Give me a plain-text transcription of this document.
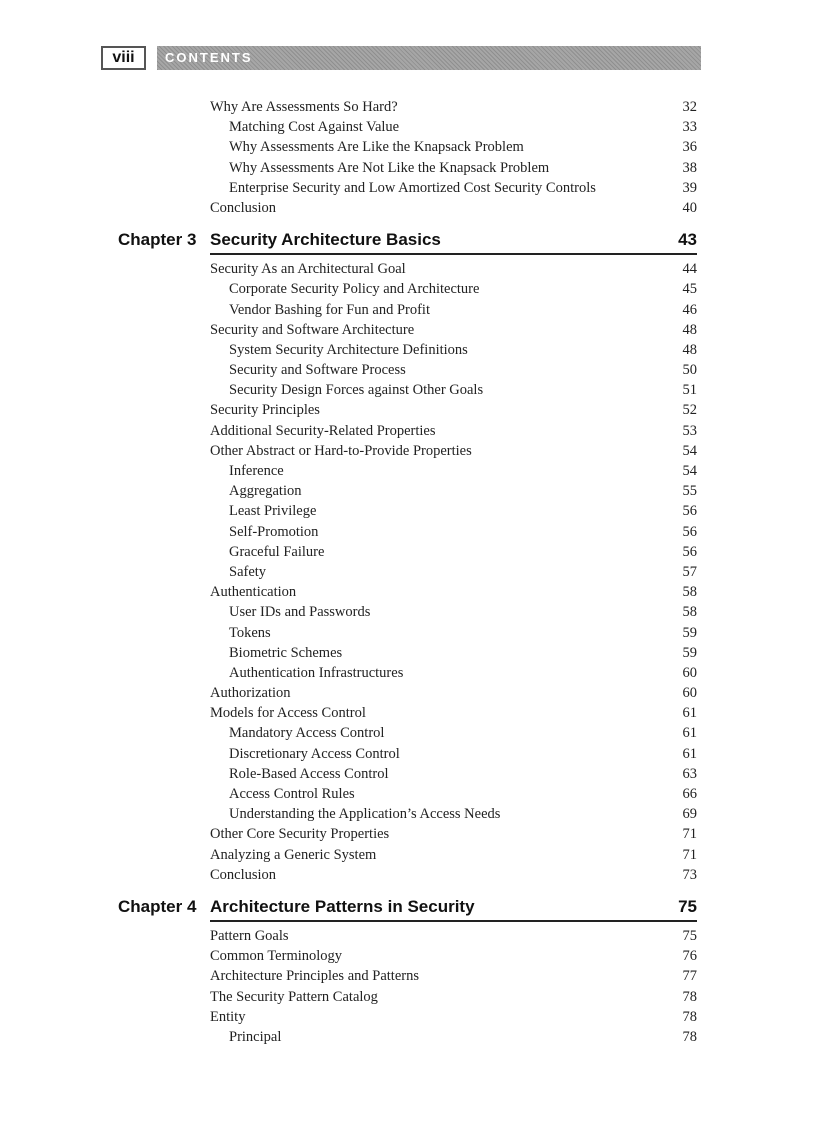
viii	CONTENTS
Why Are Assessments So Hard?	32
Matching Cost Against Value	33
Why Assessments Are Like the Knapsack Problem	36
Why Assessments Are Not Like the Knapsack Problem	38
Enterprise Security and Low Amortized Cost Security Controls	39
Conclusion	40
Chapter 3 Security Architecture Basics	43
Security As an Architectural Goal	44
Corporate Security Policy and Architecture	45
Vendor Bashing for Fun and Profit	46
Security and Software Architecture	48
System Security Architecture Definitions	48
Security and Software Process	50
Security Design Forces against Other Goals	51
Security Principles	52
Additional Security-Related Properties	53
Other Abstract or Hard-to-Provide Properties	54
Inference	54
Aggregation	55
Least Privilege	56
Self-Promotion	56
Graceful Failure	56
Safety	57
Authentication	58
User IDs and Passwords	58
Tokens	59
Biometric Schemes	59
Authentication Infrastructures	60
Authorization	60
Models for Access Control	61
Mandatory Access Control	61
Discretionary Access Control	61
Role-Based Access Control	63
Access Control Rules	66
Understanding the Application’s Access Needs	69
Other Core Security Properties	71
Analyzing a Generic System	71
Conclusion	73
Chapter 4 Architecture Patterns in Security	75
Pattern Goals	75
Common Terminology	76
Architecture Principles and Patterns	77
The Security Pattern Catalog	78
Entity	78
Principal	78
